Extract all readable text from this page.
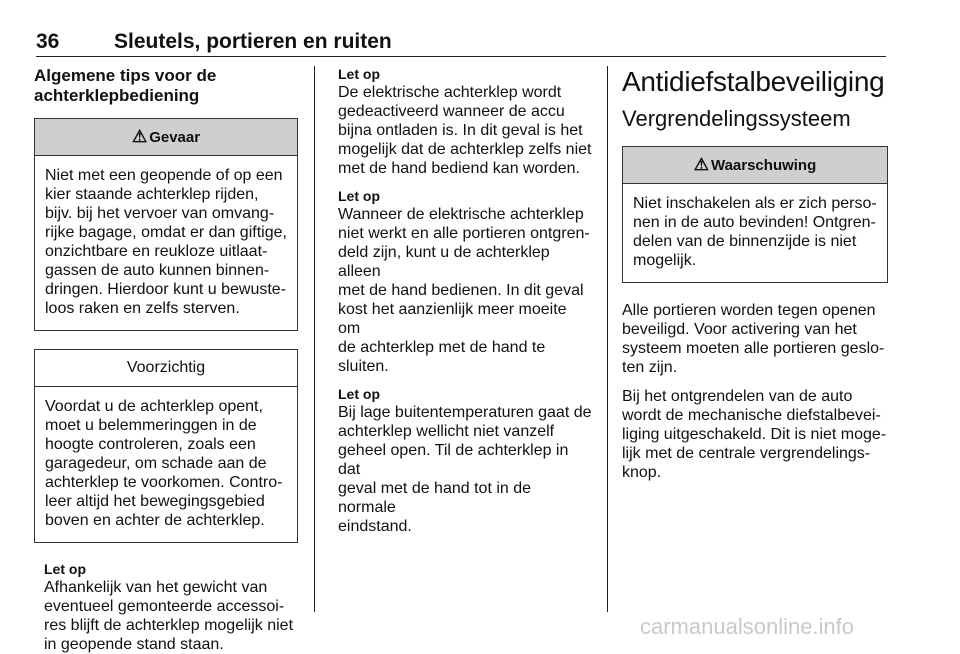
36	Sleutels, portieren en ruiten
Algemene tips voor de
achterklepbediening
⚠ Gevaar

Niet met een geopende of op een

kier staande achterklep rijden,

bijv. bij het vervoer van omvang-

rijke bagage, omdat er dan giftige,

onzichtbare en reukloze uitlaat-

gassen de auto kunnen binnen-

dringen. Hierdoor kunt u bewuste-

loos raken en zelfs sterven.

Voorzichtig

Voordat u de achterklep opent,

moet u belemmeringgen in de

hoogte controleren, zoals een

garagedeur, om schade aan de

achterklep te voorkomen. Contro-

leer altijd het bewegingsgebied

boven en achter de achterklep.

Let op

Afhankelijk van het gewicht van

eventueel gemonteerde accessoi-

res blijft de achterklep mogelijk niet

in geopende stand staan.

Let op

De elektrische achterklep wordt

gedeactiveerd wanneer de accu

bijna ontladen is. In dit geval is het

mogelijk dat de achterklep zelfs niet

met de hand bediend kan worden.

Let op

Wanneer de elektrische achterklep

niet werkt en alle portieren ontgren-

deld zijn, kunt u de achterklep alleen

met de hand bedienen. In dit geval

kost het aanzienlijk meer moeite om

de achterklep met de hand te sluiten.

Let op

Bij lage buitentemperaturen gaat de

achterklep wellicht niet vanzelf

geheel open. Til de achterklep in dat

geval met de hand tot in de normale

eindstand.

Antidiefstalbeveiliging
Vergrendelingssysteem
⚠ Waarschuwing

Niet inschakelen als er zich perso-

nen in de auto bevinden! Ontgren-

delen van de binnenzijde is niet

mogelijk.

Alle portieren worden tegen openen

beveiligd. Voor activering van het

systeem moeten alle portieren geslo-

ten zijn.

Bij het ontgrendelen van de auto

wordt de mechanische diefstalbevei-

liging uitgeschakeld. Dit is niet moge-

lijk met de centrale vergrendelings-

knop.

carmanualsonline.info
